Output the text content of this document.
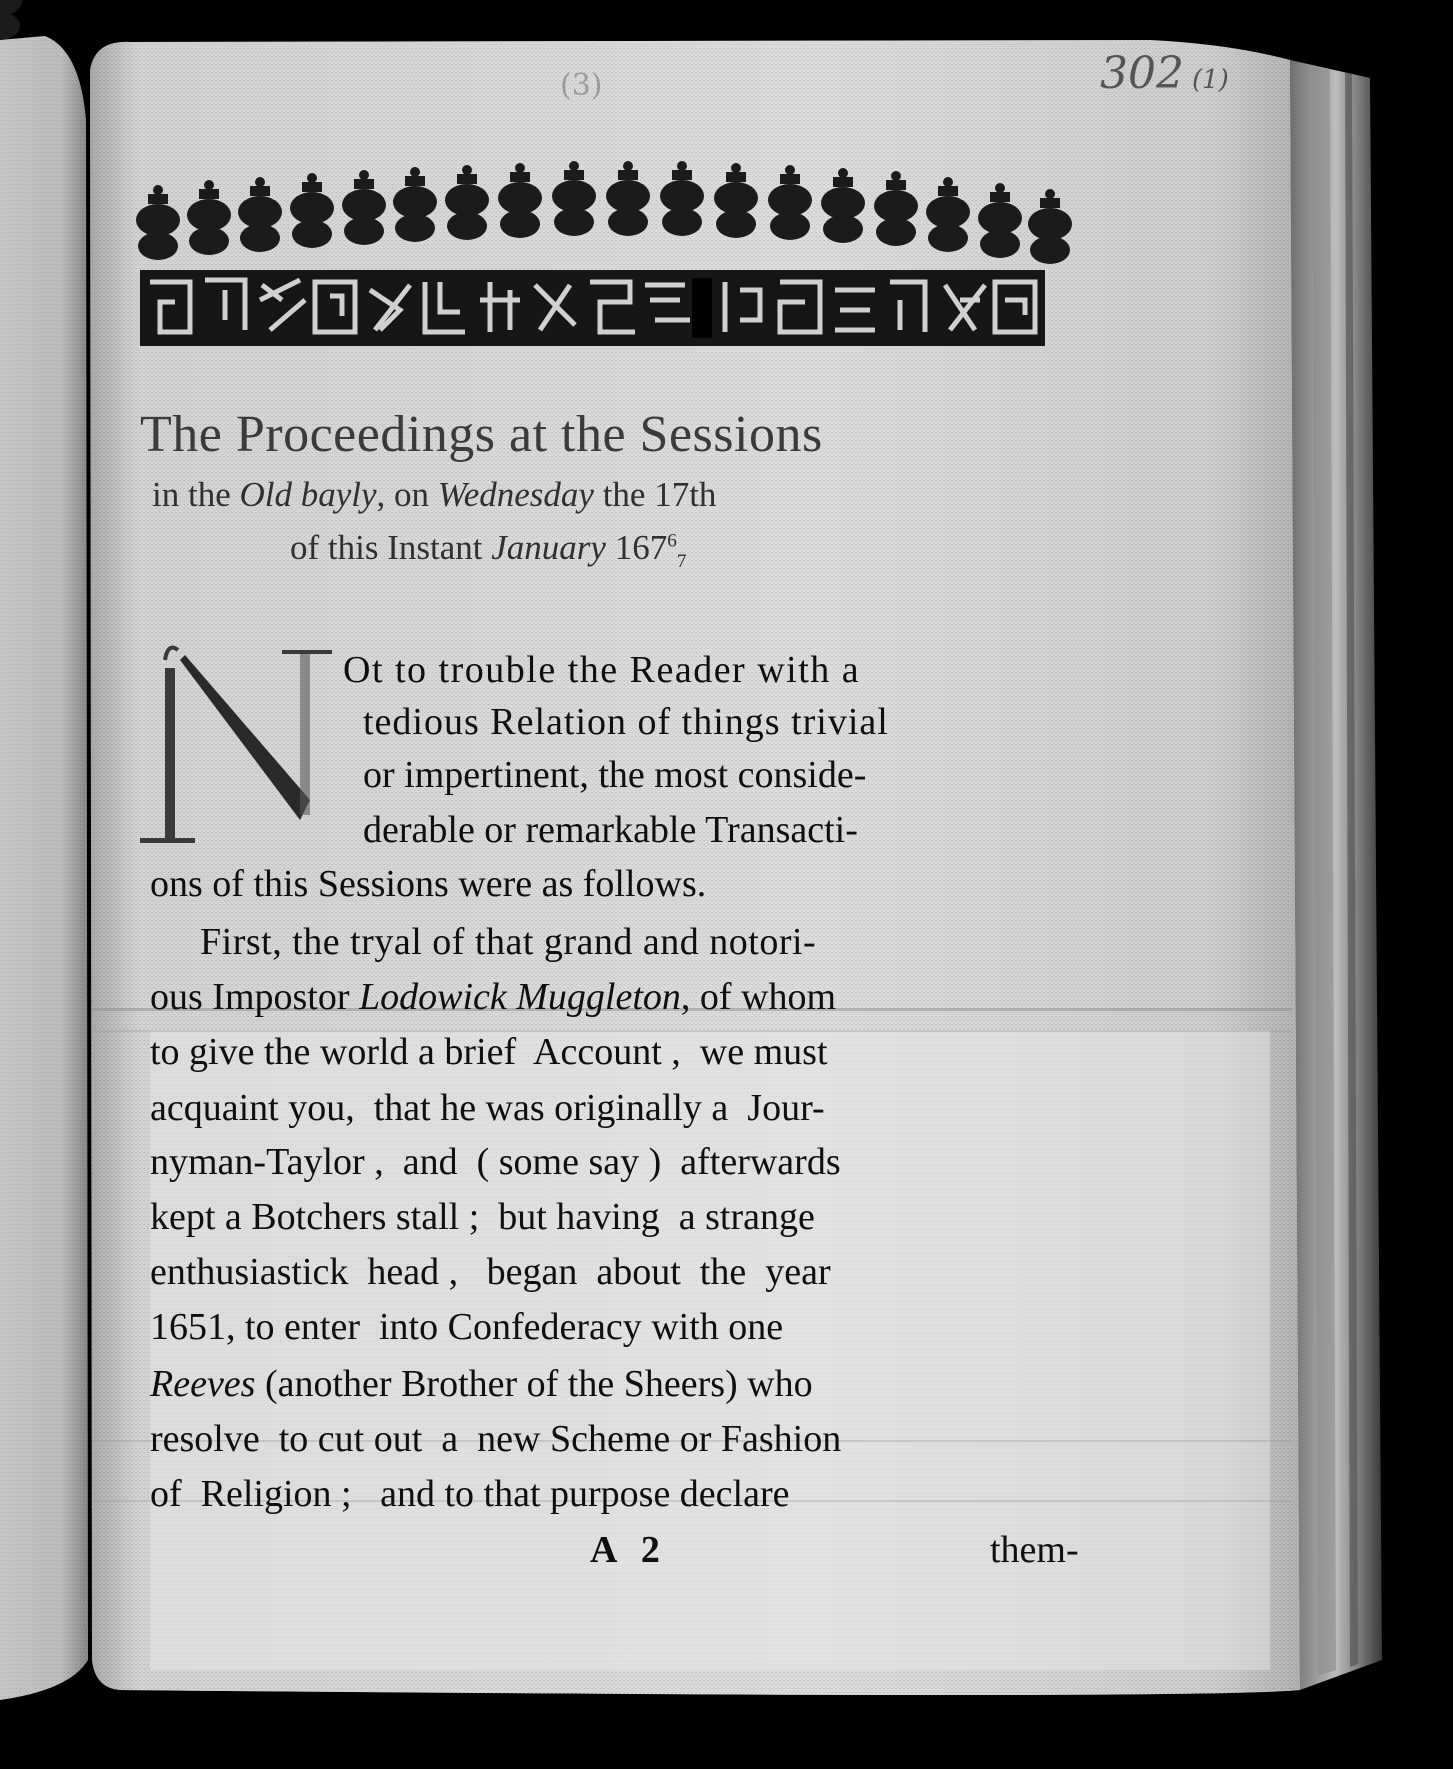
302 (1)
(3)
The Proceedings at the Sessions
in the Old bayly, on Wednesday the 17th
of this Instant January $167^6_7$
Ot to trouble the Reader with a
tedious Relation of things trivial
or impertinent, the most conside-
derable or remarkable Transacti-
ons of this Sessions were as follows.
First, the tryal of that grand and notori-
ous Impostor Lodowick Muggleton, of whom
to give the world a brief  Account ,  we must
acquaint you,  that he was originally a  Jour-
nyman-Taylor ,  and  ( some say )  afterwards
kept a Botchers stall ;  but having  a strange
enthusiastick  head ,   began  about  the  year
1651, to enter  into Confederacy with one
Reeves (another Brother of the Sheers) who
resolve  to cut out  a  new Scheme or Fashion
of  Religion ;   and to that purpose declare
A 2	them-
